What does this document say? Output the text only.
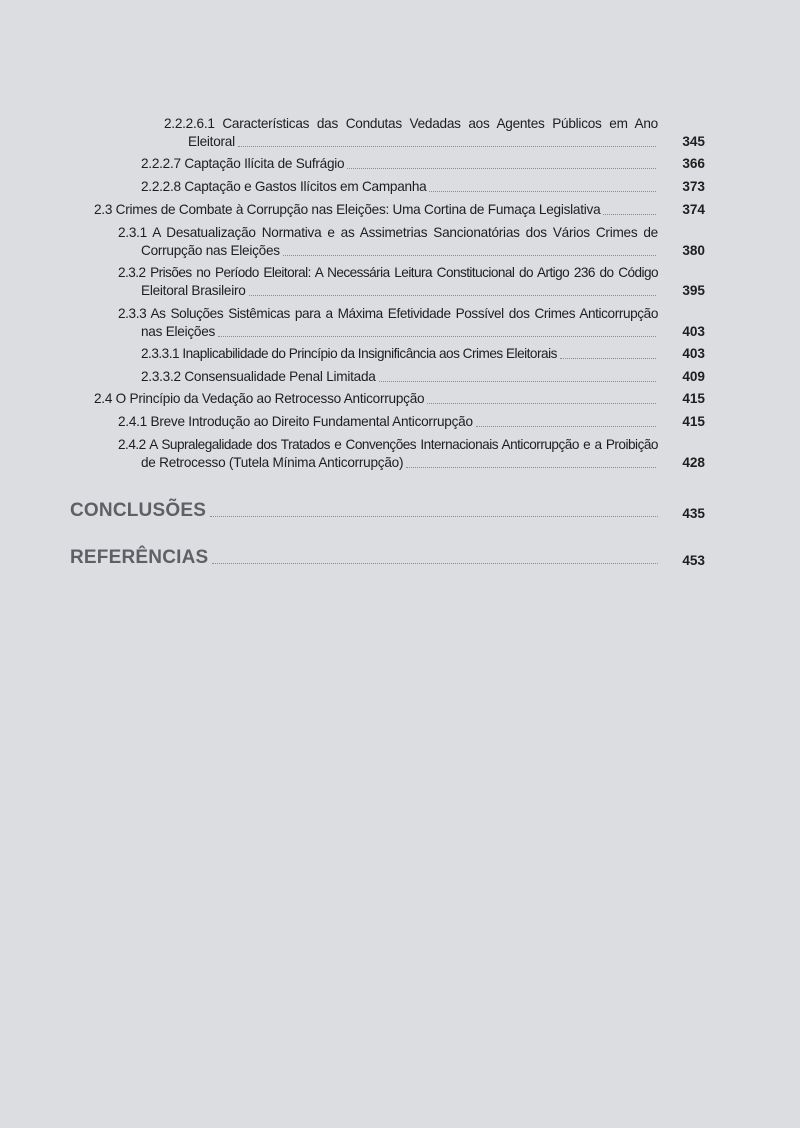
2.2.2.6.1 Características das Condutas Vedadas aos Agentes Públicos em Ano
Eleitoral	345
2.2.2.7 Captação Ilícita de Sufrágio	366
2.2.2.8 Captação e Gastos Ilícitos em Campanha	373
2.3 Crimes de Combate à Corrupção nas Eleições: Uma Cortina de Fumaça Legislativa	374
2.3.1 A Desatualização Normativa e as Assimetrias Sancionatórias dos Vários Crimes de
Corrupção nas Eleições	380
2.3.2 Prisões no Período Eleitoral: A Necessária Leitura Constitucional do Artigo 236 do Código
Eleitoral Brasileiro	395
2.3.3 As Soluções Sistêmicas para a Máxima Efetividade Possível dos Crimes Anticorrupção
nas Eleições	403
2.3.3.1 Inaplicabilidade do Princípio da Insignificância aos Crimes Eleitorais	403
2.3.3.2 Consensualidade Penal Limitada	409
2.4 O Princípio da Vedação ao Retrocesso Anticorrupção	415
2.4.1 Breve Introdução ao Direito Fundamental Anticorrupção	415
2.4.2 A Supralegalidade dos Tratados e Convenções Internacionais Anticorrupção e a Proibição
de Retrocesso (Tutela Mínima Anticorrupção)	428
CONCLUSÕES	435
REFERÊNCIAS	453
